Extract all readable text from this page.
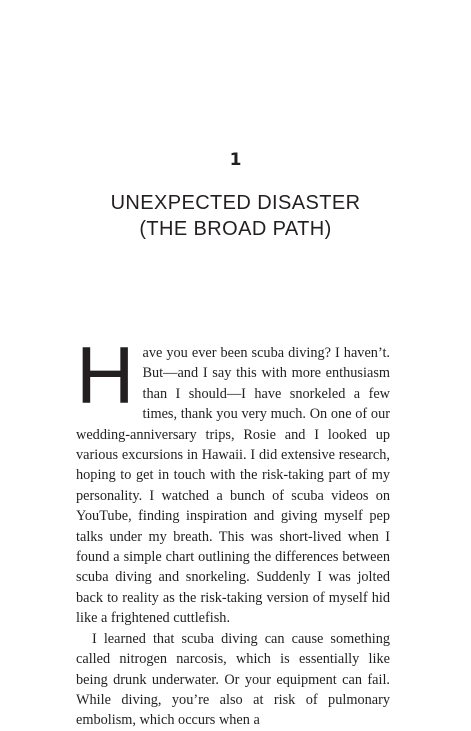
1
UNEXPECTED DISASTER
(THE BROAD PATH)

Have you ever been scuba diving? I haven’t. But—and I say this with more enthusiasm than I should—I have snorkeled a few times, thank you very much. On one of our wedding-anniversary trips, Rosie and I looked up various excursions in Hawaii. I did extensive research, hoping to get in touch with the risk-taking part of my personality. I watched a bunch of scuba videos on YouTube, finding inspiration and giving myself pep talks under my breath. This was short-lived when I found a simple chart outlining the differences between scuba diving and snorkeling. Suddenly I was jolted back to reality as the risk-taking version of myself hid like a frightened cuttlefish.

I learned that scuba diving can cause something called nitrogen narcosis, which is essentially like being drunk underwater. Or your equipment can fail. While diving, you’re also at risk of pulmonary embolism, which occurs when a
